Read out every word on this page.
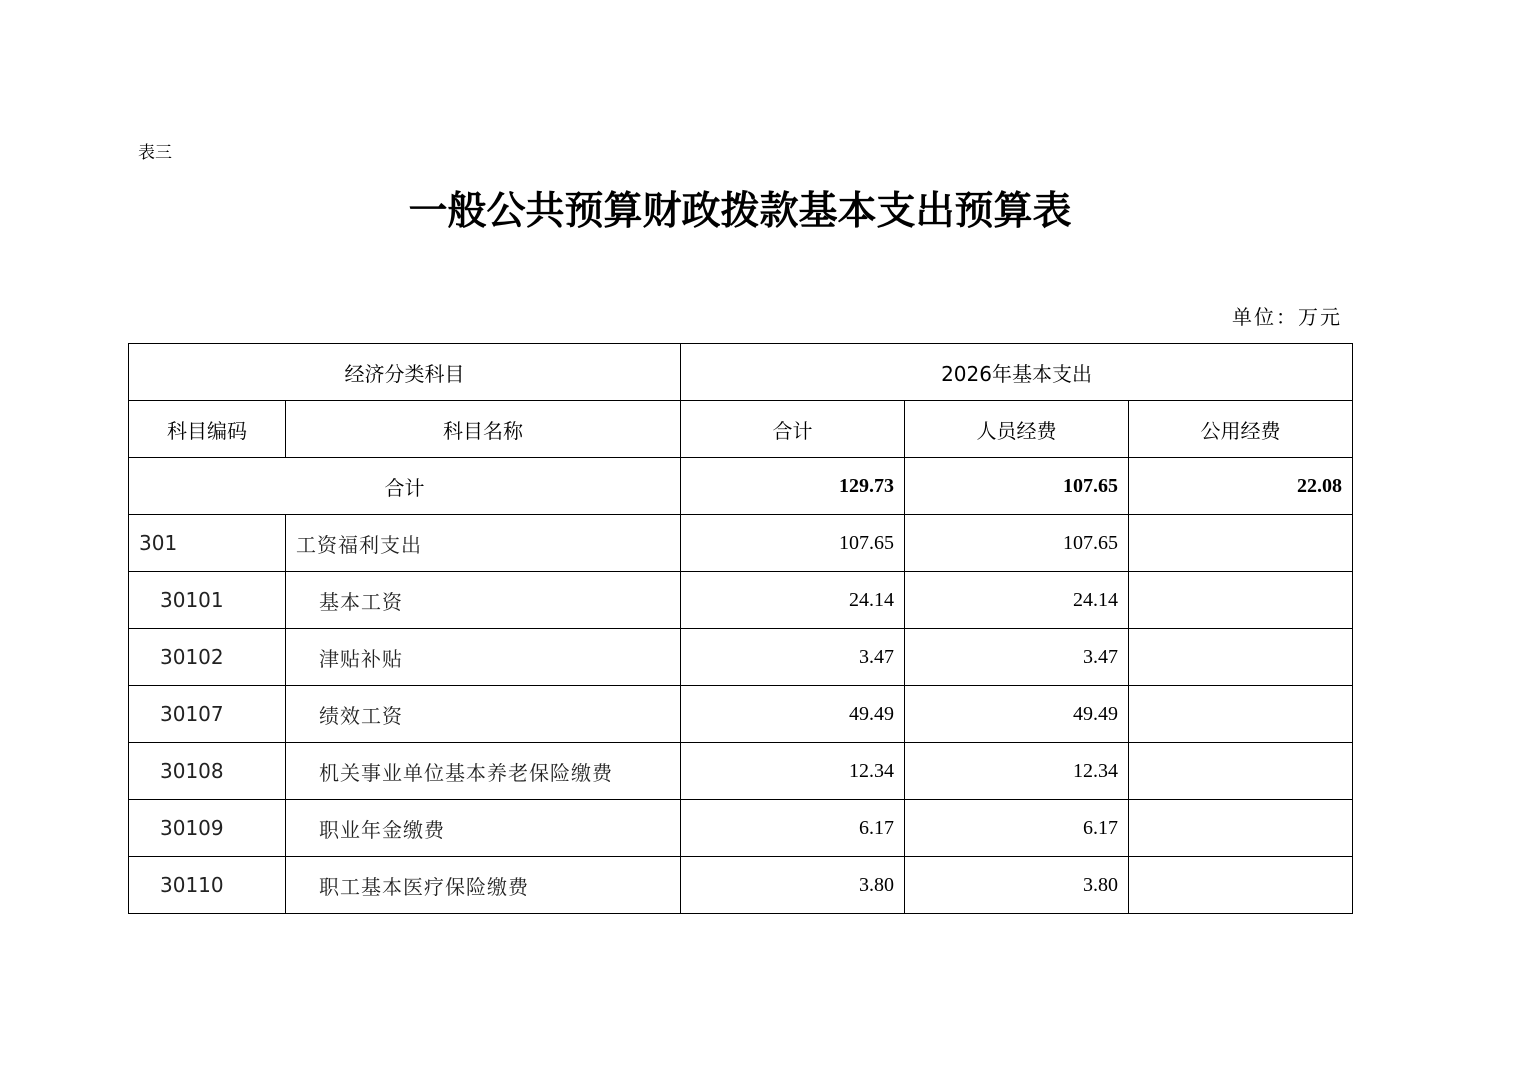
表三
一般公共预算财政拨款基本支出预算表
单位：万元
经济分类科目		2026年基本支出		
科目编码	科目名称	合计	人员经费	公用经费
合计		129.73	107.65	22.08
301	工资福利支出	107.65	107.65	
30101	基本工资	24.14	24.14	
30102	津贴补贴	3.47	3.47	
30107	绩效工资	49.49	49.49	
30108	机关事业单位基本养老保险缴费	12.34	12.34	
30109	职业年金缴费	6.17	6.17	
30110	职工基本医疗保险缴费	3.80	3.80	
